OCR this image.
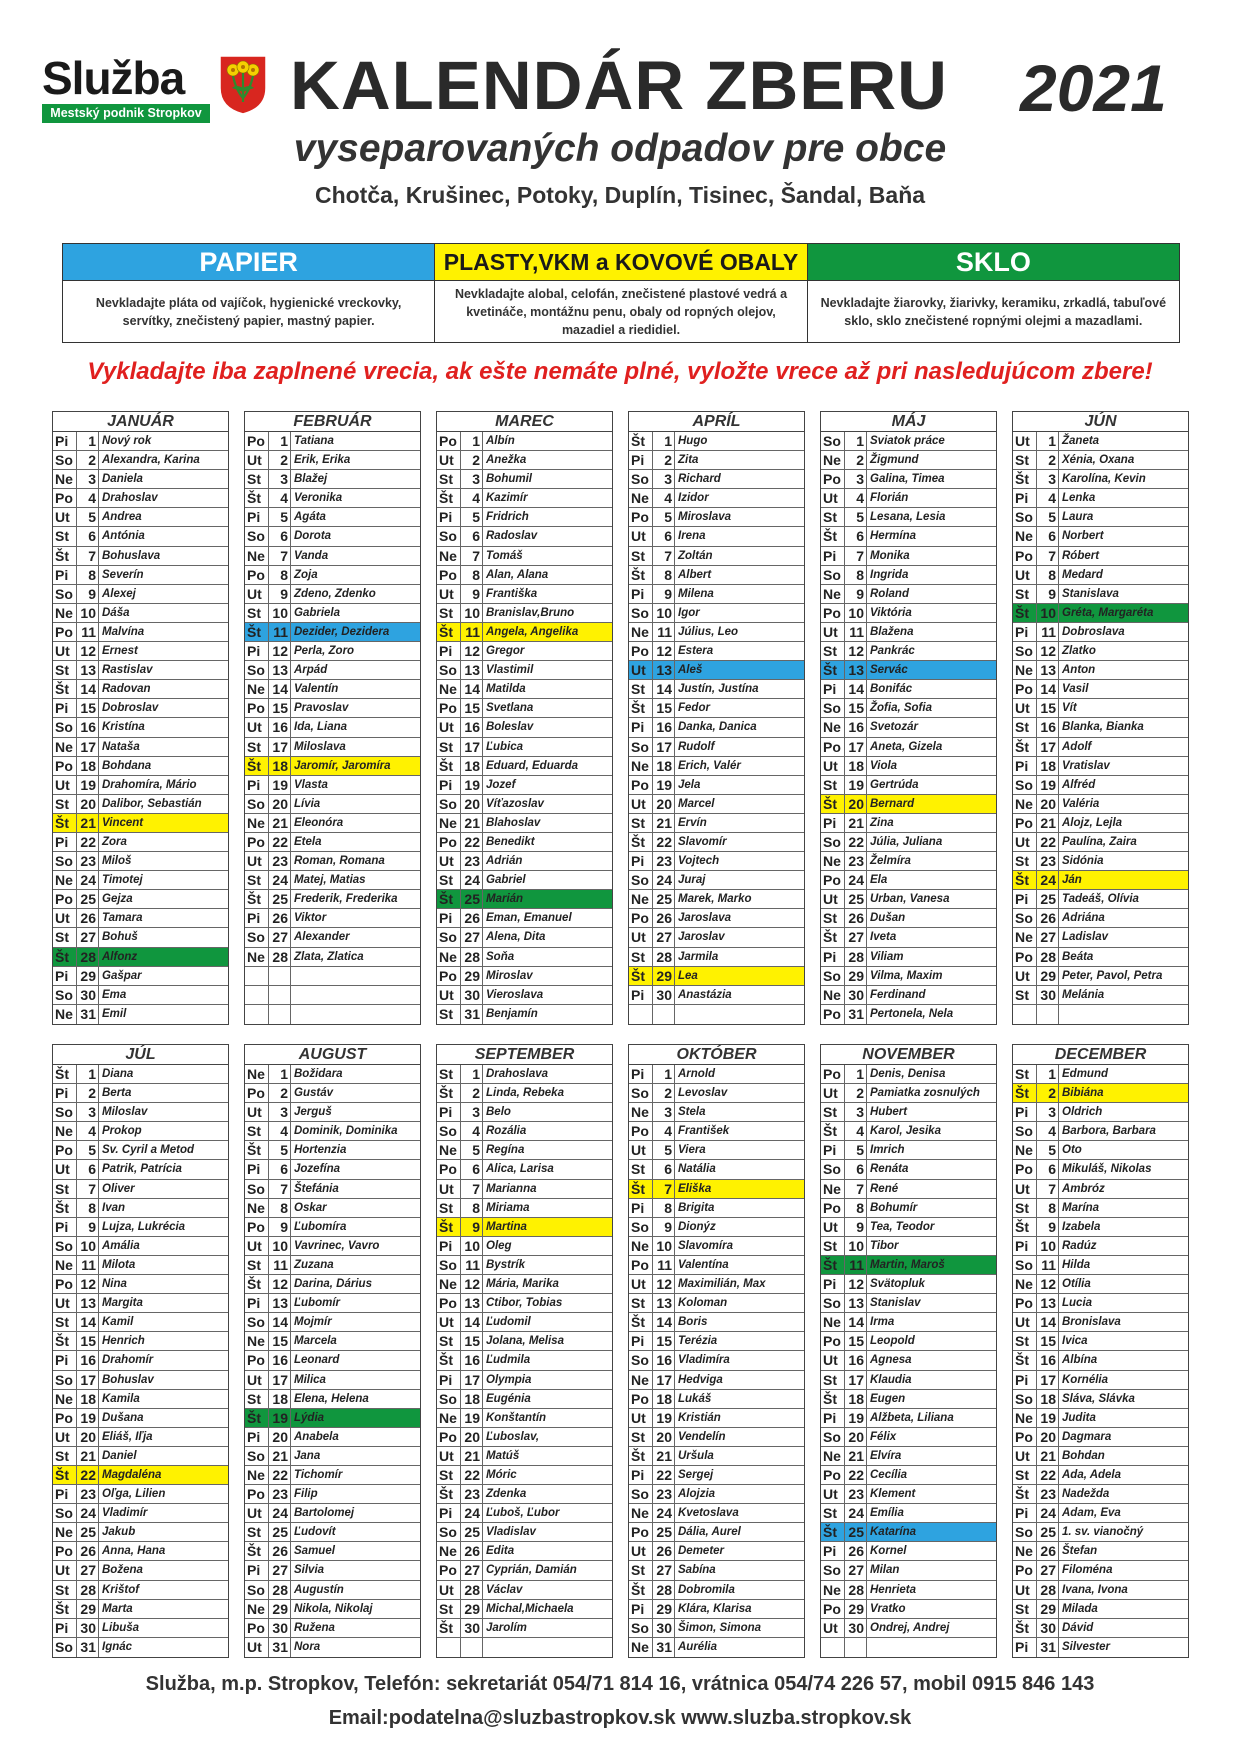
Služba
Mestský podnik Stropkov KALENDÁR ZBERU	2021
vyseparovaných odpadov pre obce
Chotča, Krušinec, Potoky, Duplín, Tisinec, Šandal, Baňa
PAPIER
Nevkladajte pláta od vajíčok, hygienické vreckovky, servítky, znečistený papier, mastný papier.
PLASTY,VKM a KOVOVÉ OBALY
Nevkladajte alobal, celofán, znečistené plastové vedrá a kvetináče, montážnu penu, obaly od ropných olejov, mazadiel a riedidiel.
SKLO
Nevkladajte žiarovky, žiarivky, keramiku, zrkadlá, tabuľové sklo, sklo znečistené ropnými olejmi a mazadlami.
Vykladajte iba zaplnené vrecia, ak ešte nemáte plné, vyložte vrece až pri nasledujúcom zbere!
JANUÁR
Pi	1 Nový rok
So	2 Alexandra, Karina
Ne	3 Daniela
Po	4 Drahoslav
Ut	5 Andrea
St	6 Antónia
Št	7 Bohuslava
Pi	8 Severín
So	9 Alexej
Ne 10 Dáša
Po 11 Malvína
Ut 12 Ernest
St 13 Rastislav
Št 14 Radovan
Pi 15 Dobroslav
So 16 Kristína
Ne 17 Nataša
Po 18 Bohdana
Ut 19 Drahomíra, Mário
St 20 Dalibor, Sebastián
Št 21 Vincent
Pi 22 Zora
So 23 Miloš
Ne 24 Timotej
Po 25 Gejza
Ut 26 Tamara
St 27 Bohuš
Št 28 Alfonz
Pi 29 Gašpar
So 30 Ema
Ne 31 Emil
FEBRUÁR
Po	1 Tatiana
Ut	2 Erik, Erika
St	3 Blažej
Št	4 Veronika
Pi	5 Agáta
So	6 Dorota
Ne	7 Vanda
Po	8 Zoja
Ut	9 Zdeno, Zdenko
St 10 Gabriela
Št 11 Dezider, Dezidera
Pi 12 Perla, Zoro
So 13 Arpád
Ne 14 Valentín
Po 15 Pravoslav
Ut 16 Ida, Liana
St 17 Miloslava
Št 18 Jaromír, Jaromíra
Pi 19 Vlasta
So 20 Lívia
Ne 21 Eleonóra
Po 22 Etela
Ut 23 Roman, Romana
St 24 Matej, Matias
Št 25 Frederik, Frederika
Pi 26 Viktor
So 27 Alexander
Ne 28 Zlata, Zlatica
MAREC
Po	1 Albín
Ut	2 Anežka
St	3 Bohumil
Št	4 Kazimír
Pi	5 Fridrich
So	6 Radoslav
Ne	7 Tomáš
Po	8 Alan, Alana
Ut	9 Františka
St 10 Branislav,Bruno
Št 11 Angela, Angelika
Pi 12 Gregor
So 13 Vlastimil
Ne 14 Matilda
Po 15 Svetlana
Ut 16 Boleslav
St 17 Ľubica
Št 18 Eduard, Eduarda
Pi 19 Jozef
So 20 Víťazoslav
Ne 21 Blahoslav
Po 22 Benedikt
Ut 23 Adrián
St 24 Gabriel
Št 25 Marián
Pi 26 Eman, Emanuel
So 27 Alena, Dita
Ne 28 Soňa
Po 29 Miroslav
Ut 30 Vieroslava
St 31 Benjamín
APRÍL
Št	1 Hugo
Pi	2 Zita
So	3 Richard
Ne	4 Izidor
Po	5 Miroslava
Ut	6 Irena
St	7 Zoltán
Št	8 Albert
Pi	9 Milena
So 10 Igor
Ne 11 Július, Leo
Po 12 Estera
Ut 13 Aleš
St 14 Justín, Justína
Št 15 Fedor
Pi 16 Danka, Danica
So 17 Rudolf
Ne 18 Erich, Valér
Po 19 Jela
Ut 20 Marcel
St 21 Ervín
Št 22 Slavomír
Pi 23 Vojtech
So 24 Juraj
Ne 25 Marek, Marko
Po 26 Jaroslava
Ut 27 Jaroslav
St 28 Jarmila
Št 29 Lea
Pi 30 Anastázia
MÁJ
So	1 Sviatok práce
Ne	2 Žigmund
Po	3 Galina, Timea
Ut	4 Florián
St	5 Lesana, Lesia
Št	6 Hermína
Pi	7 Monika
So	8 Ingrida
Ne	9 Roland
Po 10 Viktória
Ut 11 Blažena
St 12 Pankrác
Št 13 Servác
Pi 14 Bonifác
So 15 Žofia, Sofia
Ne 16 Svetozár
Po 17 Aneta, Gizela
Ut 18 Viola
St 19 Gertrúda
Št 20 Bernard
Pi 21 Zina
So 22 Júlia, Juliana
Ne 23 Želmíra
Po 24 Ela
Ut 25 Urban, Vanesa
St 26 Dušan
Št 27 Iveta
Pi 28 Viliam
So 29 Vilma, Maxim
Ne 30 Ferdinand
Po 31 Pertonela, Nela
JÚN
Ut	1 Žaneta
St	2 Xénia, Oxana
Št	3 Karolína, Kevin
Pi	4 Lenka
So	5 Laura
Ne	6 Norbert
Po	7 Róbert
Ut	8 Medard
St	9 Stanislava
Št 10 Gréta, Margaréta
Pi 11 Dobroslava
So 12 Zlatko
Ne 13 Anton
Po 14 Vasil
Ut 15 Vít
St 16 Blanka, Bianka
Št 17 Adolf
Pi 18 Vratislav
So 19 Alfréd
Ne 20 Valéria
Po 21 Alojz, Lejla
Ut 22 Paulína, Zaira
St 23 Sidónia
Št 24 Ján
Pi 25 Tadeáš, Olívia
So 26 Adriána
Ne 27 Ladislav
Po 28 Beáta
Ut 29 Peter, Pavol, Petra
St 30 Melánia
JÚL
Št	1 Diana
Pi	2 Berta
So	3 Miloslav
Ne	4 Prokop
Po	5 Sv. Cyril a Metod
Ut	6 Patrik, Patrícia
St	7 Oliver
Št	8 Ivan
Pi	9 Lujza, Lukrécia
So 10 Amália
Ne 11 Milota
Po 12 Nina
Ut 13 Margita
St 14 Kamil
Št 15 Henrich
Pi 16 Drahomír
So 17 Bohuslav
Ne 18 Kamila
Po 19 Dušana
Ut 20 Eliáš, Iľja
St 21 Daniel
Št 22 Magdaléna
Pi 23 Oľga, Lilien
So 24 Vladimír
Ne 25 Jakub
Po 26 Anna, Hana
Ut 27 Božena
St 28 Krištof
Št 29 Marta
Pi 30 Libuša
So 31 Ignác
AUGUST
Ne	1 Božidara
Po	2 Gustáv
Ut	3 Jerguš
St	4 Dominik, Dominika
Št	5 Hortenzia
Pi	6 Jozefína
So	7 Štefánia
Ne	8 Oskar
Po	9 Ľubomíra
Ut 10 Vavrinec, Vavro
St 11 Zuzana
Št 12 Darina, Dárius
Pi 13 Ľubomír
So 14 Mojmír
Ne 15 Marcela
Po 16 Leonard
Ut 17 Milica
St 18 Elena, Helena
Št 19 Lýdia
Pi 20 Anabela
So 21 Jana
Ne 22 Tichomír
Po 23 Filip
Ut 24 Bartolomej
St 25 Ľudovít
Št 26 Samuel
Pi 27 Silvia
So 28 Augustín
Ne 29 Nikola, Nikolaj
Po 30 Ružena
Ut 31 Nora
SEPTEMBER
St	1 Drahoslava
Št	2 Linda, Rebeka
Pi	3 Belo
So	4 Rozália
Ne	5 Regína
Po	6 Alica, Larisa
Ut	7 Marianna
St	8 Miriama
Št	9 Martina
Pi 10 Oleg
So 11 Bystrík
Ne 12 Mária, Marika
Po 13 Ctibor, Tobias
Ut 14 Ľudomil
St 15 Jolana, Melisa
Št 16 Ľudmila
Pi 17 Olympia
So 18 Eugénia
Ne 19 Konštantín
Po 20 Ľuboslav,
Ut 21 Matúš
St 22 Móric
Št 23 Zdenka
Pi 24 Ľuboš, Ľubor
So 25 Vladislav
Ne 26 Edita
Po 27 Cyprián, Damián
Ut 28 Václav
St 29 Michal,Michaela
Št 30 Jarolím
OKTÓBER
Pi	1 Arnold
So	2 Levoslav
Ne	3 Stela
Po	4 František
Ut	5 Viera
St	6 Natália
Št	7 Eliška
Pi	8 Brigita
So	9 Dionýz
Ne 10 Slavomíra
Po 11 Valentína
Ut 12 Maximilián, Max
St 13 Koloman
Št 14 Boris
Pi 15 Terézia
So 16 Vladimíra
Ne 17 Hedviga
Po 18 Lukáš
Ut 19 Kristián
St 20 Vendelín
Št 21 Uršula
Pi 22 Sergej
So 23 Alojzia
Ne 24 Kvetoslava
Po 25 Dália, Aurel
Ut 26 Demeter
St 27 Sabína
Št 28 Dobromila
Pi 29 Klára, Klarisa
So 30 Šimon, Simona
Ne 31 Aurélia
NOVEMBER
Po	1 Denis, Denisa
Ut	2 Pamiatka zosnulých
St	3 Hubert
Št	4 Karol, Jesika
Pi	5 Imrich
So	6 Renáta
Ne	7 René
Po	8 Bohumír
Ut	9 Tea, Teodor
St 10 Tibor
Št 11 Martin, Maroš
Pi 12 Svätopluk
So 13 Stanislav
Ne 14 Irma
Po 15 Leopold
Ut 16 Agnesa
St 17 Klaudia
Št 18 Eugen
Pi 19 Alžbeta, Liliana
So 20 Félix
Ne 21 Elvíra
Po 22 Cecília
Ut 23 Klement
St 24 Emília
Št 25 Katarína
Pi 26 Kornel
So 27 Milan
Ne 28 Henrieta
Po 29 Vratko
Ut 30 Ondrej, Andrej
DECEMBER
St	1 Edmund
Št	2 Bibiána
Pi	3 Oldrich
So	4 Barbora, Barbara
Ne	5 Oto
Po	6 Mikuláš, Nikolas
Ut	7 Ambróz
St	8 Marína
Št	9 Izabela
Pi 10 Radúz
So 11 Hilda
Ne 12 Otília
Po 13 Lucia
Ut 14 Bronislava
St 15 Ivica
Št 16 Albína
Pi 17 Kornélia
So 18 Sláva, Slávka
Ne 19 Judita
Po 20 Dagmara
Ut 21 Bohdan
St 22 Ada, Adela
Št 23 Nadežda
Pi 24 Adam, Eva
So 25 1. sv. vianočný
Ne 26 Štefan
Po 27 Filoména
Ut 28 Ivana, Ivona
St 29 Milada
Št 30 Dávid
Pi 31 Silvester
Služba, m.p. Stropkov, Telefón: sekretariát 054/71 814 16, vrátnica 054/74 226 57, mobil 0915 846 143
Email:podatelna@sluzbastropkov.sk www.sluzba.stropkov.sk
